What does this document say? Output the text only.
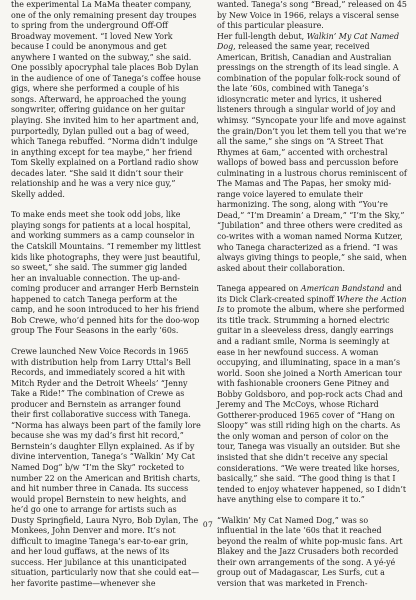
the experimental La MaMa theater company, one of the only remaining present day troupes to spring from the underground Off-Off Broadway movement. “I loved New York because I could be anonymous and get anywhere I wanted on the subway,” she said. One possibly apocryphal tale places Bob Dylan in the audience of one of Tanega’s coffee house gigs, where she performed a couple of his songs. Afterward, he approached the young songwriter, offering guidance on her guitar playing. She invited him to her apartment and, purportedly, Dylan pulled out a bag of weed, which Tanega rebuffed. “Norma didn’t indulge in anything except for tea maybe,” her friend Tom Skelly explained on a Portland radio show decades later. “She said it didn’t sour their relationship and he was a very nice guy,” Skelly added.

To make ends meet she took odd jobs, like playing songs for patients at a local hospital, and working summers as a camp counselor in the Catskill Mountains. “I remember my littlest kids like photographs, they were just beautiful, so sweet,” she said. The summer gig landed her an invaluable connection. The up-and-coming producer and arranger Herb Bernstein happened to catch Tanega perform at the camp, and he soon introduced to her his friend Bob Crewe, who’d penned hits for the doo-wop group The Four Seasons in the early ’60s.

Crewe launched New Voice Records in 1965 with distribution help from Larry Uttal’s Bell Records, and immediately scored a hit with Mitch Ryder and the Detroit Wheels’ “Jenny Take a Ride!” The combination of Crewe as producer and Bernstein as arranger found their first collaborative success with Tanega. “Norma has always been part of the family lore because she was my dad’s first hit record,” Bernstein’s daughter Ellyn explained. As if by divine intervention, Tanega’s “Walkin’ My Cat Named Dog” b/w “I’m the Sky” rocketed to number 22 on the American and British charts, and hit number three in Canada. Its success would propel Bernstein to new heights, and he’d go one to arrange for artists such as Dusty Springfield, Laura Nyro, Bob Dylan, The Monkees, John Denver and more. It’s not difficult to imagine Tanega’s ear-to-ear grin, and her loud guffaws, at the news of its success. Her jubilance at this unanticipated situation, particularly now that she could eat—her favorite pastime—whenever she

wanted. Tanega’s song “Bread,” released on 45 by New Voice in 1966, relays a visceral sense of this particular pleasure.

Her full-length debut, Walkin’ My Cat Named Dog, released the same year, received American, British, Canadian and Australian pressings on the strength of its lead single. A combination of the popular folk-rock sound of the late ’60s, combined with Tanega’s idiosyncratic meter and lyrics, it ushered listeners through a singular world of joy and whimsy. “Syncopate your life and move against the grain/Don’t you let them tell you that we’re all the same,” she sings on “A Street That Rhymes at 6am,” accented with orchestral wallops of bowed bass and percussion before culminating in a lustrous chorus reminiscent of The Mamas and The Papas, her smoky mid-range voice layered to emulate their harmonizing. The song, along with “You’re Dead,” “I’m Dreamin’ a Dream,” “I’m the Sky,” “Jubilation” and three others were credited as co-writes with a woman named Norma Kutzer, who Tanega characterized as a friend. “I was always giving things to people,” she said, when asked about their collaboration.

Tanega appeared on American Bandstand and its Dick Clark-created spinoff Where the Action Is to promote the album, where she performed its title track. Strumming a horned electric guitar in a sleeveless dress, dangly earrings and a radiant smile, Norma is seemingly at ease in her newfound success. A woman occupying, and illuminating, space in a man’s world. Soon she joined a North American tour with fashionable crooners Gene Pitney and Bobby Goldsboro, and pop-rock acts Chad and Jeremy and The McCoys, whose Richard Gottherer-produced 1965 cover of “Hang on Sloopy” was still riding high on the charts. As the only woman and person of color on the tour, Tanega was visually an outsider. But she insisted that she didn’t receive any special considerations. “We were treated like horses, basically,” she said. “The good thing is that I tended to enjoy whatever happened, so I didn’t have anything else to compare it to.”

“Walkin’ My Cat Named Dog,” was so influential in the late ’60s that it reached beyond the realm of white pop-music fans. Art Blakey and the Jazz Crusaders both recorded their own arrangements of the song. A yé-yé group out of Madagascar, Les Surfs, cut a version that was marketed in French-

07
